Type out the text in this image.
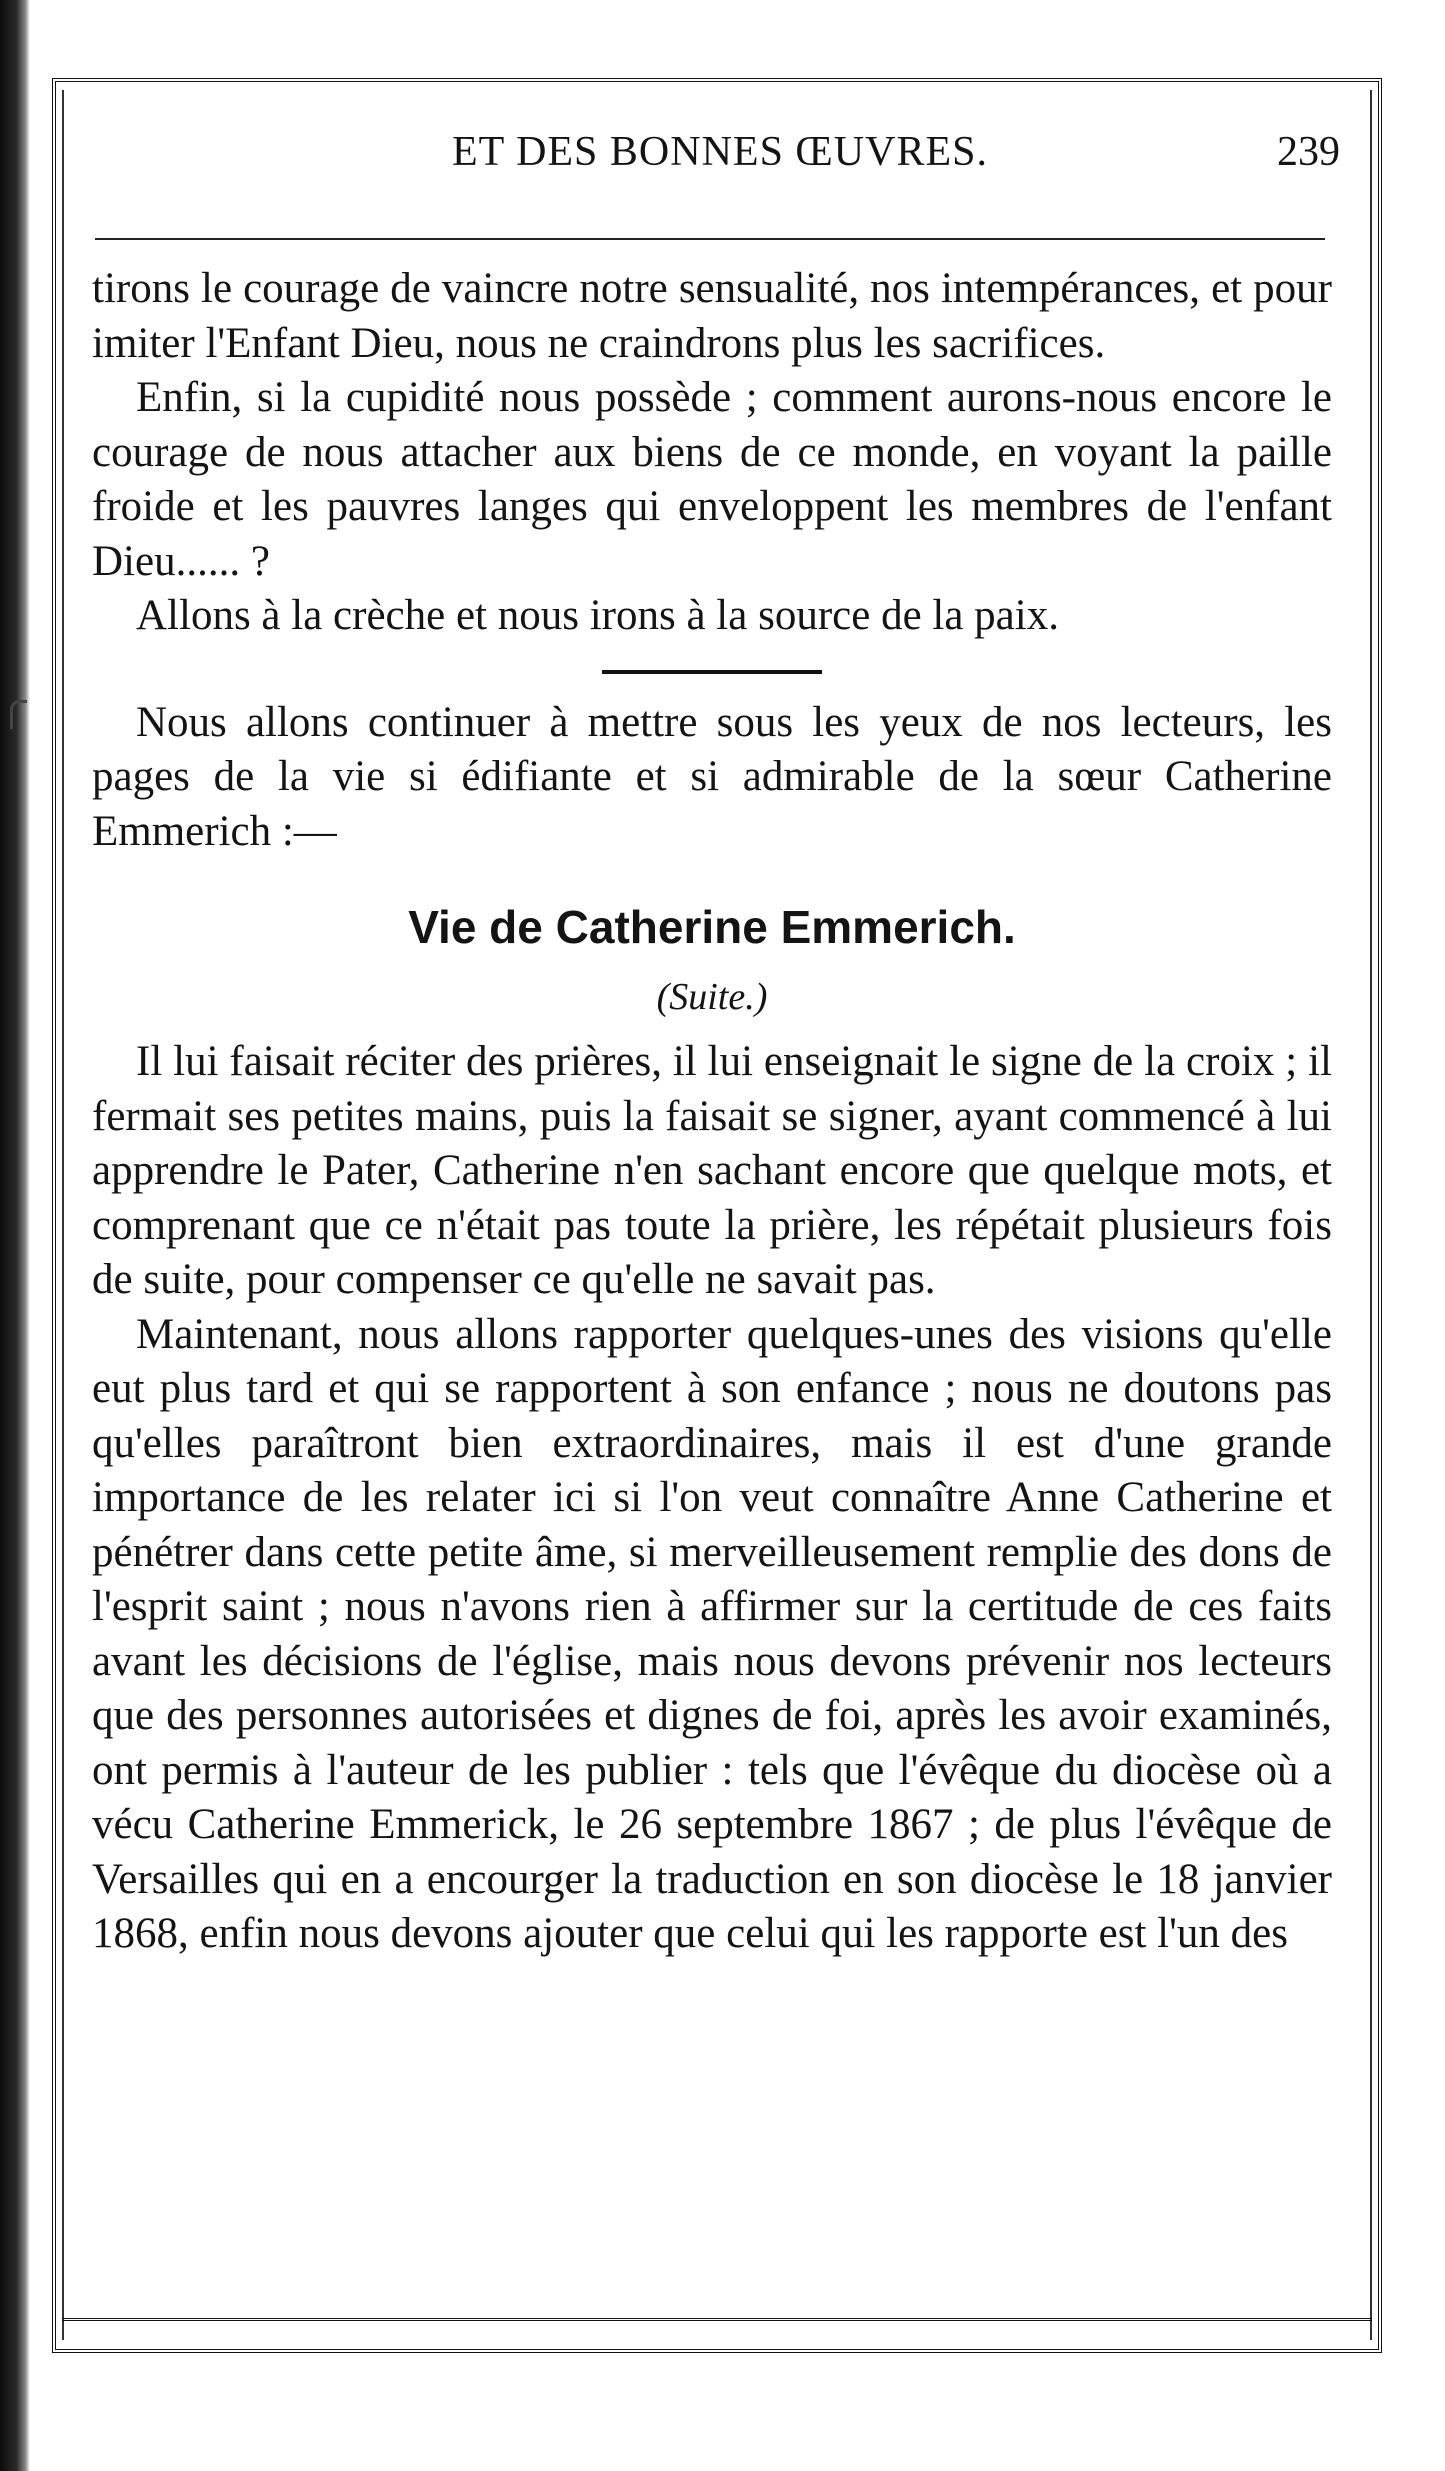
ET DES BONNES ŒUVRES.	239

tirons le courage de vaincre notre sensualité, nos intempérances, et pour imiter l'Enfant Dieu, nous ne craindrons plus les sacrifices.

Enfin, si la cupidité nous possède ; comment aurons-nous encore le courage de nous attacher aux biens de ce monde, en voyant la paille froide et les pauvres langes qui enveloppent les membres de l'enfant Dieu...... ?

Allons à la crèche et nous irons à la source de la paix.

Nous allons continuer à mettre sous les yeux de nos lecteurs, les pages de la vie si édifiante et si admirable de la sœur Catherine Emmerich :—

Vie de Catherine Emmerich.
(Suite.)

Il lui faisait réciter des prières, il lui enseignait le signe de la croix ; il fermait ses petites mains, puis la faisait se signer, ayant commencé à lui apprendre le Pater, Catherine n'en sachant encore que quelque mots, et comprenant que ce n'était pas toute la prière, les répétait plusieurs fois de suite, pour compenser ce qu'elle ne savait pas.

Maintenant, nous allons rapporter quelques-unes des visions qu'elle eut plus tard et qui se rapportent à son enfance ; nous ne doutons pas qu'elles paraîtront bien extraordinaires, mais il est d'une grande importance de les relater ici si l'on veut connaître Anne Catherine et pénétrer dans cette petite âme, si merveilleusement remplie des dons de l'esprit saint ; nous n'avons rien à affirmer sur la certitude de ces faits avant les décisions de l'église, mais nous devons prévenir nos lecteurs que des personnes autorisées et dignes de foi, après les avoir examinés, ont permis à l'auteur de les publier : tels que l'évêque du diocèse où a vécu Catherine Emmerick, le 26 septembre 1867 ; de plus l'évêque de Versailles qui en a encourger la traduction en son diocèse le 18 janvier 1868, enfin nous devons ajouter que celui qui les rapporte est l'un des
